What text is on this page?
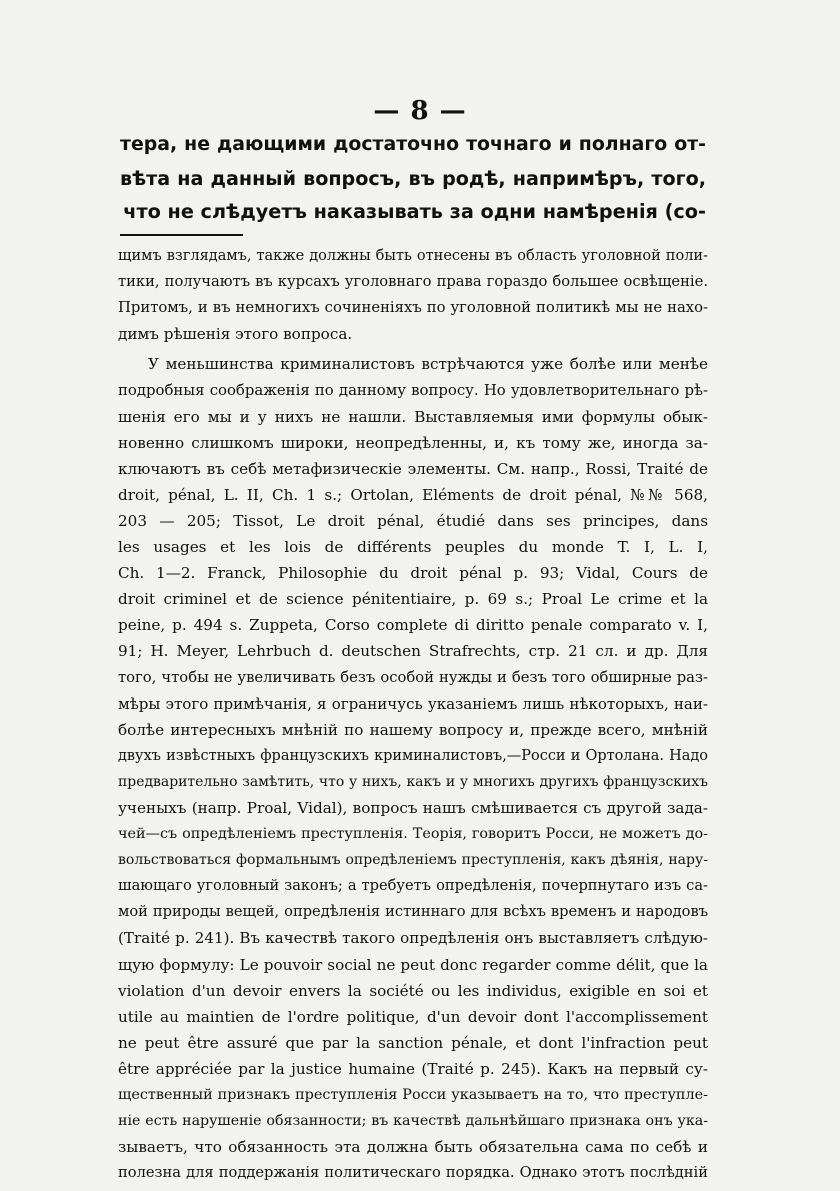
— 8 —
тера, не дающими достаточно точнаго и полнаго от-
вѣта на данный вопросъ, въ родѣ, напримѣръ, того,
что не слѣдуетъ наказывать за одни намѣренія (со-
щимъ взглядамъ, также должны быть отнесены въ область уголовной поли-
тики, получаютъ въ курсахъ уголовнаго права гораздо большее освѣщеніе.
Притомъ, и въ немногихъ сочиненіяхъ по уголовной политикѣ мы не нахо-
димъ рѣшенія этого вопроса.
У меньшинства криминалистовъ встрѣчаются уже болѣе или менѣе
подробныя соображенія по данному вопросу. Но удовлетворительнаго рѣ-
шенія его мы и у нихъ не нашли. Выставляемыя ими формулы обык-
новенно слишкомъ широки, неопредѣленны, и, къ тому же, иногда за-
ключаютъ въ себѣ метафизическіе элементы. См. напр., Rossi, Traité de
droit, pénal, L. II, Ch. 1 s.; Ortolan, Eléments de droit pénal, №№ 568,
203 — 205; Tissot, Le droit pénal, étudié dans ses principes, dans
les usages et les lois de différents peuples du monde T. I, L. I,
Ch. 1—2. Franck, Philosophie du droit pénal p. 93; Vidal, Cours de
droit criminel et de science pénitentiaire, p. 69 s.; Proal Le crime et la
peine, p. 494 s. Zuppeta, Corso complete di diritto penale comparato v. I,
91; H. Meyer, Lehrbuch d. deutschen Strafrechts, стр. 21 сл. и др. Для
того, чтобы не увеличивать безъ особой нужды и безъ того обширные раз-
мѣры этого примѣчанія, я ограничусь указаніемъ лишь нѣкоторыхъ, наи-
болѣе интересныхъ мнѣній по нашему вопросу и, прежде всего, мнѣній
двухъ извѣстныхъ французскихъ криминалистовъ,—Росси и Ортолана. Надо
предварительно замѣтить, что у нихъ, какъ и у многихъ другихъ французскихъ
ученыхъ (напр. Proal, Vidal), вопросъ нашъ смѣшивается съ другой зада-
чей—съ опредѣленіемъ преступленія. Теорія, говоритъ Росси, не можетъ до-
вольствоваться формальнымъ опредѣленіемъ преступленія, какъ дѣянія, нару-
шающаго уголовный законъ; а требуетъ опредѣленія, почерпнутаго изъ са-
мой природы вещей, опредѣленія истиннаго для всѣхъ временъ и народовъ
(Traité p. 241). Въ качествѣ такого опредѣленія онъ выставляетъ слѣдую-
щую формулу: Le pouvoir social ne peut donc regarder comme délit, que la
violation d'un devoir envers la société ou les individus, exigible en soi et
utile au maintien de l'ordre politique, d'un devoir dont l'accomplissement
ne peut être assuré que par la sanction pénale, et dont l'infraction peut
être appréciée par la justice humaine (Traité p. 245). Какъ на первый су-
щественный признакъ преступленія Росси указываетъ на то, что преступле-
ніе есть нарушеніе обязанности; въ качествѣ дальнѣйшаго признака онъ ука-
зываетъ, что обязанность эта должна быть обязательна сама по себѣ и
полезна для поддержанія политическаго порядка. Однако этотъ послѣдній
